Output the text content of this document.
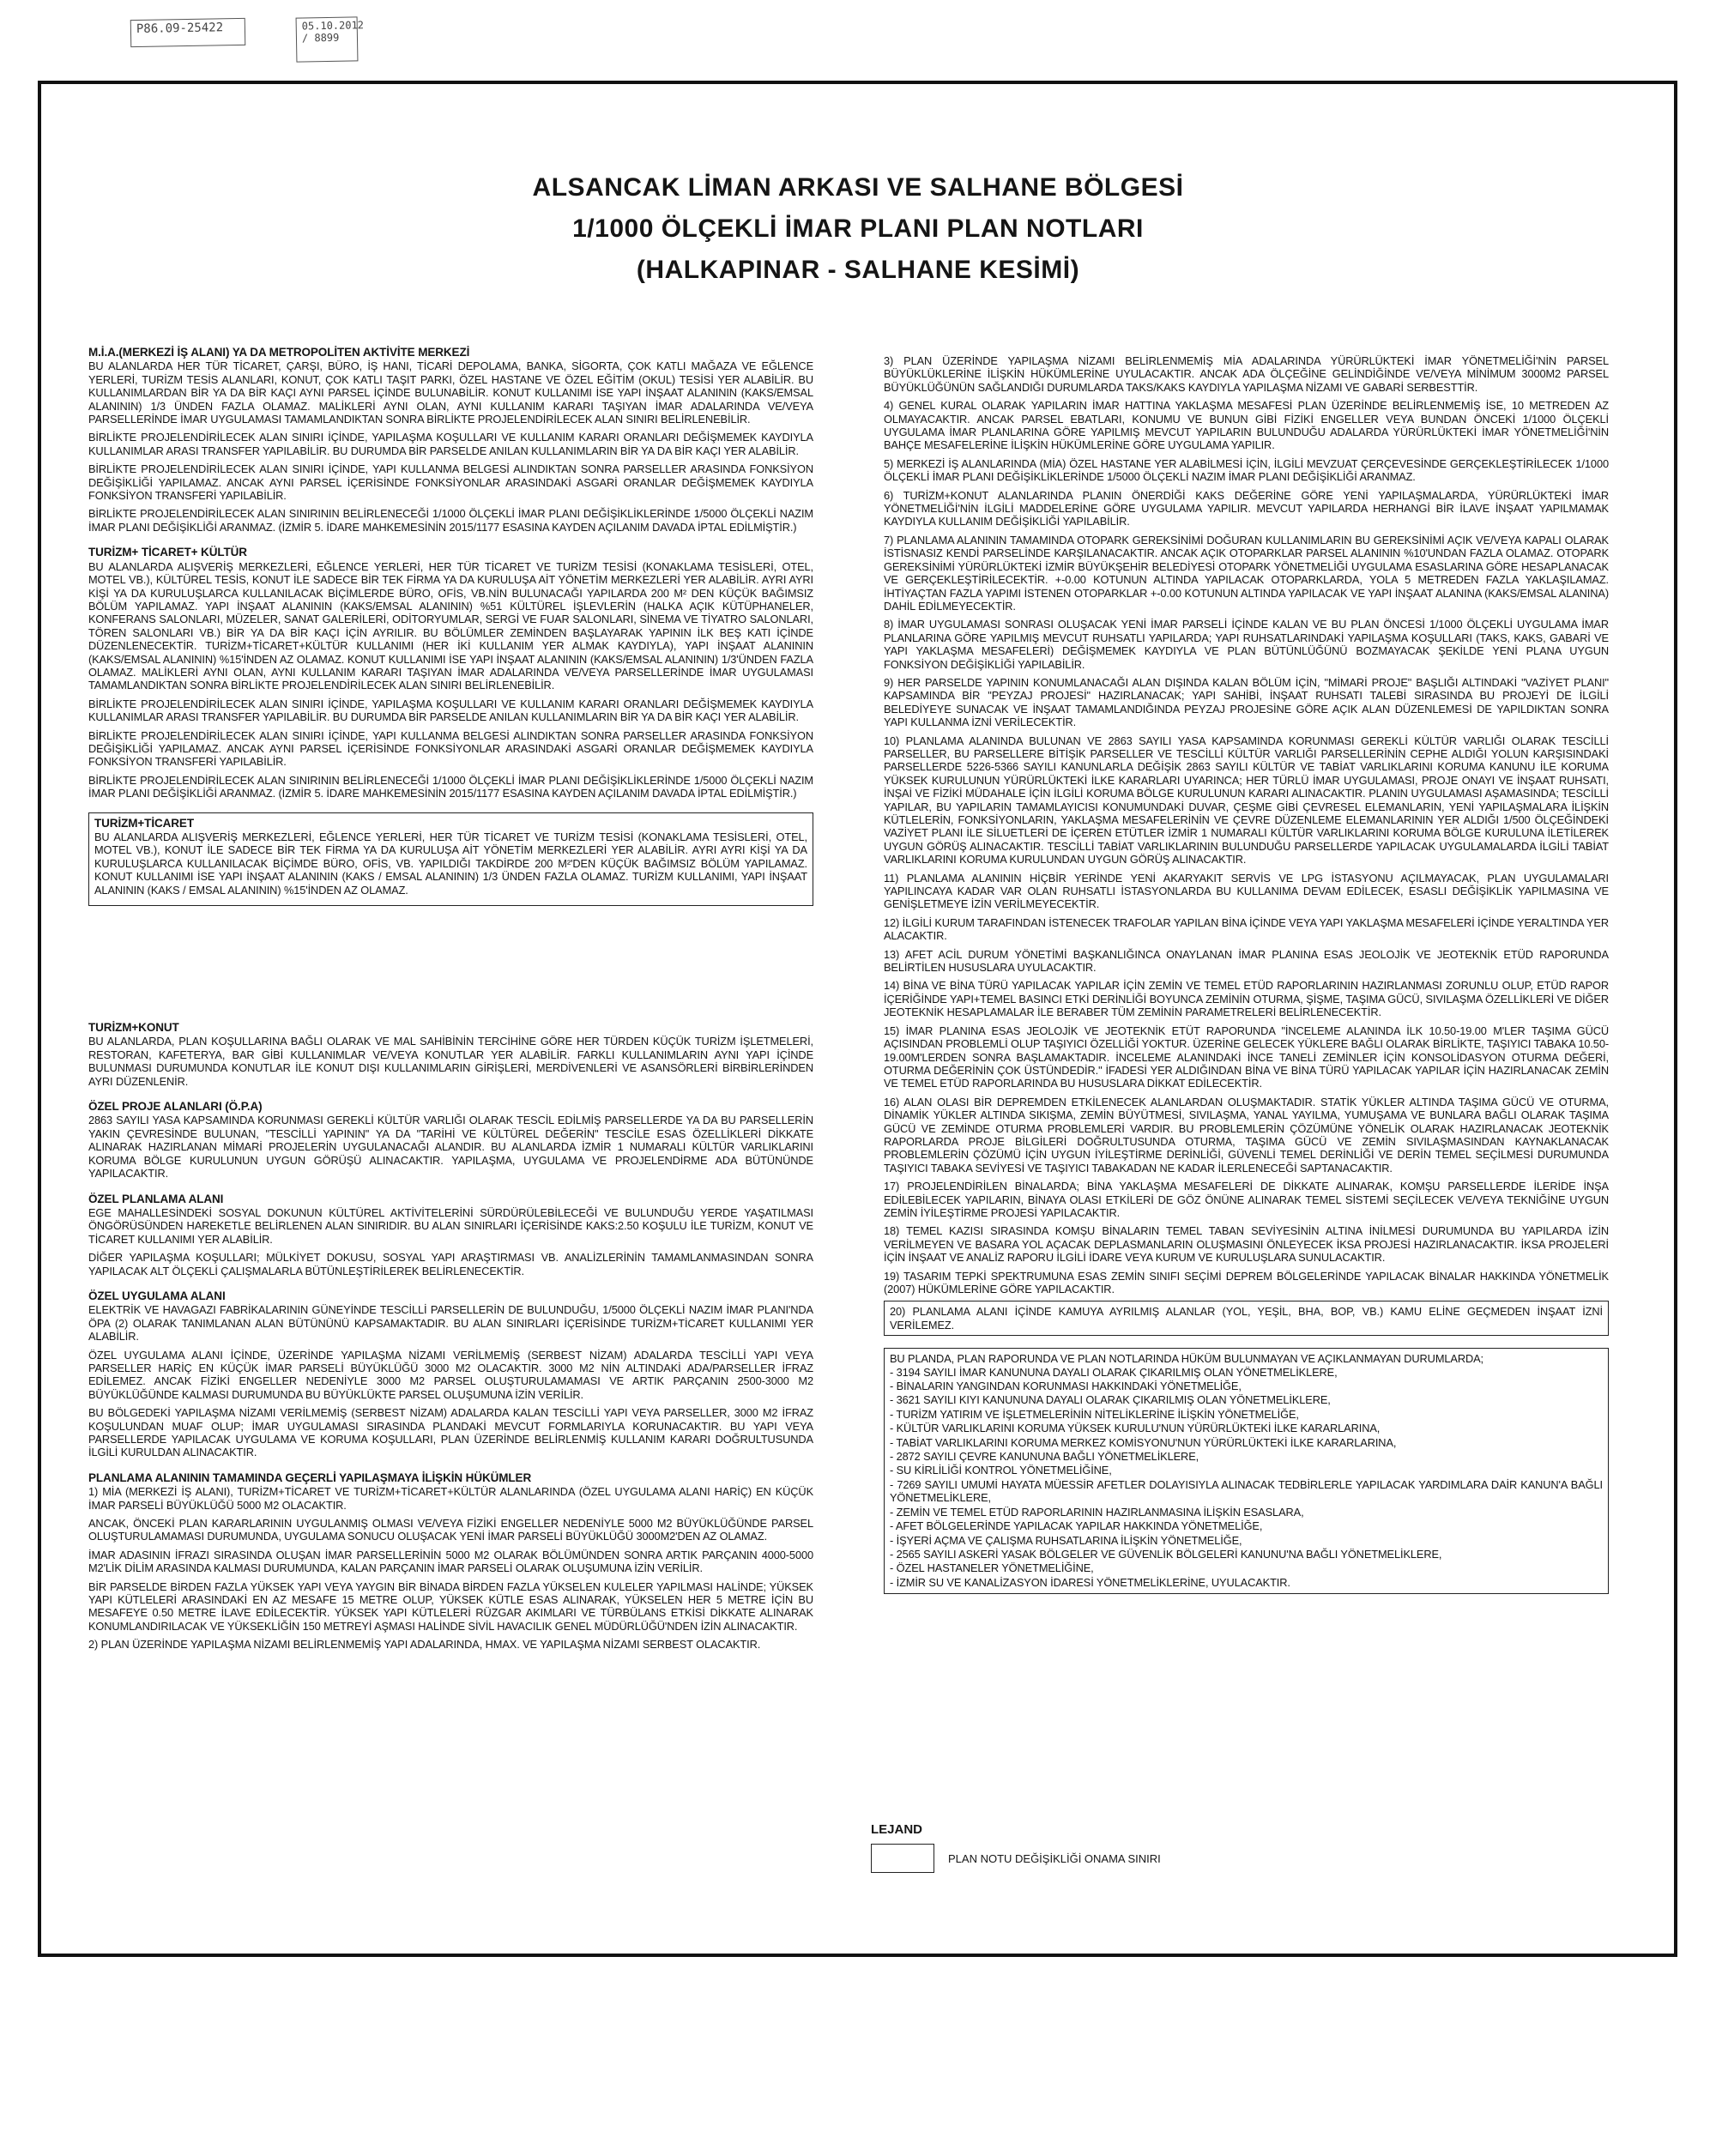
P86.09-25422	05.10.2012 / 8899
ALSANCAK LİMAN ARKASI VE SALHANE BÖLGESİ
1/1000 ÖLÇEKLİ İMAR PLANI PLAN NOTLARI
(HALKAPINAR - SALHANE KESİMİ)
M.İ.A.(MERKEZİ İŞ ALANI) YA DA METROPOLİTEN AKTİVİTE MERKEZİ

BU ALANLARDA HER TÜR TİCARET, ÇARŞI, BÜRO, İŞ HANI, TİCARİ DEPOLAMA, BANKA, SİGORTA, ÇOK KATLI MAĞAZA VE EĞLENCE YERLERİ, TURİZM TESİS ALANLARI, KONUT, ÇOK KATLI TAŞIT PARKI, ÖZEL HASTANE VE ÖZEL EĞİTİM (OKUL) TESİSİ YER ALABİLİR. BU KULLANIMLARDAN BİR YA DA BİR KAÇI AYNI PARSEL İÇİNDE BULUNABİLİR. KONUT KULLANIMI İSE YAPI İNŞAAT ALANININ (KAKS/EMSAL ALANININ) 1/3 ÜNDEN FAZLA OLAMAZ. MALİKLERİ AYNI OLAN, AYNI KULLANIM KARARI TAŞIYAN İMAR ADALARINDA VE/VEYA PARSELLERİNDE İMAR UYGULAMASI TAMAMLANDIKTAN SONRA BİRLİKTE PROJELENDİRİLECEK ALAN SINIRI BELİRLENEBİLİR.

BİRLİKTE PROJELENDİRİLECEK ALAN SINIRI İÇİNDE, YAPILAŞMA KOŞULLARI VE KULLANIM KARARI ORANLARI DEĞİŞMEMEK KAYDIYLA KULLANIMLAR ARASI TRANSFER YAPILABİLİR. BU DURUMDA BİR PARSELDE ANILAN KULLANIMLARIN BİR YA DA BİR KAÇI YER ALABİLİR.

BİRLİKTE PROJELENDİRİLECEK ALAN SINIRI İÇİNDE, YAPI KULLANMA BELGESİ ALINDIKTAN SONRA PARSELLER ARASINDA FONKSİYON DEĞİŞİKLİĞİ YAPILAMAZ. ANCAK AYNI PARSEL İÇERİSİNDE FONKSİYONLAR ARASINDAKİ ASGARİ ORANLAR DEĞİŞMEMEK KAYDIYLA FONKSİYON TRANSFERİ YAPILABİLİR.

BİRLİKTE PROJELENDİRİLECEK ALAN SINIRININ BELİRLENECEĞİ 1/1000 ÖLÇEKLİ İMAR PLANI DEĞİŞİKLİKLERİNDE 1/5000 ÖLÇEKLİ NAZIM İMAR PLANI DEĞİŞİKLİĞİ ARANMAZ. (İZMİR 5. İDARE MAHKEMESİNİN 2015/1177 ESASINA KAYDEN AÇILANIM DAVADA İPTAL EDİLMİŞTİR.)

TURİZM+ TİCARET+ KÜLTÜR

BU ALANLARDA ALIŞVERİŞ MERKEZLERİ, EĞLENCE YERLERİ, HER TÜR TİCARET VE TURİZM TESİSİ (KONAKLAMA TESİSLERİ, OTEL, MOTEL VB.), KÜLTÜREL TESİS, KONUT İLE SADECE BİR TEK FİRMA YA DA KURULUŞA AİT YÖNETİM MERKEZLERİ YER ALABİLİR. AYRI AYRI KİŞİ YA DA KURULUŞLARCA KULLANILACAK BİÇİMLERDE BÜRO, OFİS, VB.NİN BULUNACAĞI YAPILARDA 200 M² DEN KÜÇÜK BAĞIMSIZ BÖLÜM YAPILAMAZ. YAPI İNŞAAT ALANININ (KAKS/EMSAL ALANININ) %51 KÜLTÜREL İŞLEVLERİN (HALKA AÇIK KÜTÜPHANELER, KONFERANS SALONLARI, MÜZELER, SANAT GALERİLERİ, ODİTORYUMLAR, SERGİ VE FUAR SALONLARI, SİNEMA VE TİYATRO SALONLARI, TÖREN SALONLARI VB.) BİR YA DA BİR KAÇI İÇİN AYRILIR. BU BÖLÜMLER ZEMİNDEN BAŞLAYARAK YAPININ İLK BEŞ KATI İÇİNDE DÜZENLENECEKTİR. TURİZM+TİCARET+KÜLTÜR KULLANIMI (HER İKİ KULLANIM YER ALMAK KAYDIYLA), YAPI İNŞAAT ALANININ (KAKS/EMSAL ALANININ) %15'İNDEN AZ OLAMAZ. KONUT KULLANIMI İSE YAPI İNŞAAT ALANININ (KAKS/EMSAL ALANININ) 1/3'ÜNDEN FAZLA OLAMAZ. MALİKLERİ AYNI OLAN, AYNI KULLANIM KARARI TAŞIYAN İMAR ADALARINDA VE/VEYA PARSELLERİNDE İMAR UYGULAMASI TAMAMLANDIKTAN SONRA BİRLİKTE PROJELENDİRİLECEK ALAN SINIRI BELİRLENEBİLİR.

BİRLİKTE PROJELENDİRİLECEK ALAN SINIRI İÇİNDE, YAPILAŞMA KOŞULLARI VE KULLANIM KARARI ORANLARI DEĞİŞMEMEK KAYDIYLA KULLANIMLAR ARASI TRANSFER YAPILABİLİR. BU DURUMDA BİR PARSELDE ANILAN KULLANIMLARIN BİR YA DA BİR KAÇI YER ALABİLİR.

BİRLİKTE PROJELENDİRİLECEK ALAN SINIRI İÇİNDE, YAPI KULLANMA BELGESİ ALINDIKTAN SONRA PARSELLER ARASINDA FONKSİYON DEĞİŞİKLİĞİ YAPILAMAZ. ANCAK AYNI PARSEL İÇERİSİNDE FONKSİYONLAR ARASINDAKİ ASGARİ ORANLAR DEĞİŞMEMEK KAYDIYLA FONKSİYON TRANSFERİ YAPILABİLİR.

BİRLİKTE PROJELENDİRİLECEK ALAN SINIRININ BELİRLENECEĞİ 1/1000 ÖLÇEKLİ İMAR PLANI DEĞİŞİKLİKLERİNDE 1/5000 ÖLÇEKLİ NAZIM İMAR PLANI DEĞİŞİKLİĞİ ARANMAZ. (İZMİR 5. İDARE MAHKEMESİNİN 2015/1177 ESASINA KAYDEN AÇILANIM DAVADA İPTAL EDİLMİŞTİR.)

TURİZM+TİCARET

BU ALANLARDA ALIŞVERİŞ MERKEZLERİ, EĞLENCE YERLERİ, HER TÜR TİCARET VE TURİZM TESİSİ (KONAKLAMA TESİSLERİ, OTEL, MOTEL VB.), KONUT İLE SADECE BİR TEK FİRMA YA DA KURULUŞA AİT YÖNETİM MERKEZLERİ YER ALABİLİR. AYRI AYRI KİŞİ YA DA KURULUŞLARCA KULLANILACAK BİÇİMDE BÜRO, OFİS, VB. YAPILDIĞI TAKDİRDE 200 M²'DEN KÜÇÜK BAĞIMSIZ BÖLÜM YAPILAMAZ. KONUT KULLANIMI İSE YAPI İNŞAAT ALANININ (KAKS / EMSAL ALANININ) 1/3 ÜNDEN FAZLA OLAMAZ. TURİZM KULLANIMI, YAPI İNŞAAT ALANININ (KAKS / EMSAL ALANININ) %15'İNDEN AZ OLAMAZ.

TURİZM+KONUT

BU ALANLARDA, PLAN KOŞULLARINA BAĞLI OLARAK VE MAL SAHİBİNİN TERCİHİNE GÖRE HER TÜRDEN KÜÇÜK TURİZM İŞLETMELERİ, RESTORAN, KAFETERYA, BAR GİBİ KULLANIMLAR VE/VEYA KONUTLAR YER ALABİLİR. FARKLI KULLANIMLARIN AYNI YAPI İÇİNDE BULUNMASI DURUMUNDA KONUTLAR İLE KONUT DIŞI KULLANIMLARIN GİRİŞLERİ, MERDİVENLERİ VE ASANSÖRLERİ BİRBİRLERİNDEN AYRI DÜZENLENİR.

ÖZEL PROJE ALANLARI (Ö.P.A)

2863 SAYILI YASA KAPSAMINDA KORUNMASI GEREKLİ KÜLTÜR VARLIĞI OLARAK TESCİL EDİLMİŞ PARSELLERDE YA DA BU PARSELLERİN YAKIN ÇEVRESİNDE BULUNAN, "TESCİLLİ YAPININ" YA DA "TARİHİ VE KÜLTÜREL DEĞERİN" TESCİLE ESAS ÖZELLİKLERİ DİKKATE ALINARAK HAZIRLANAN MİMARİ PROJELERİN UYGULANACAĞI ALANDIR. BU ALANLARDA İZMİR 1 NUMARALI KÜLTÜR VARLIKLARINI KORUMA BÖLGE KURULUNUN UYGUN GÖRÜŞÜ ALINACAKTIR. YAPILAŞMA, UYGULAMA VE PROJELENDİRME ADA BÜTÜNÜNDE YAPILACAKTIR.

ÖZEL PLANLAMA ALANI

EGE MAHALLESİNDEKİ SOSYAL DOKUNUN KÜLTÜREL AKTİVİTELERİNİ SÜRDÜRÜLEBİLECEĞİ VE BULUNDUĞU YERDE YAŞATILMASI ÖNGÖRÜSÜNDEN HAREKETLE BELİRLENEN ALAN SINIRIDIR. BU ALAN SINIRLARI İÇERİSİNDE KAKS:2.50 KOŞULU İLE TURİZM, KONUT VE TİCARET KULLANIMI YER ALABİLİR.

DİĞER YAPILAŞMA KOŞULLARI; MÜLKİYET DOKUSU, SOSYAL YAPI ARAŞTIRMASI VB. ANALİZLERİNİN TAMAMLANMASINDAN SONRA YAPILACAK ALT ÖLÇEKLİ ÇALIŞMALARLA BÜTÜNLEŞTİRİLEREK BELİRLENECEKTİR.

ÖZEL UYGULAMA ALANI

ELEKTRİK VE HAVAGAZI FABRİKALARININ GÜNEYİNDE TESCİLLİ PARSELLERİN DE BULUNDUĞU, 1/5000 ÖLÇEKLİ NAZIM İMAR PLANI'NDA ÖPA (2) OLARAK TANIMLANAN ALAN BÜTÜNÜNÜ KAPSAMAKTADIR. BU ALAN SINIRLARI İÇERİSİNDE TURİZM+TİCARET KULLANIMI YER ALABİLİR.

ÖZEL UYGULAMA ALANI İÇİNDE, ÜZERİNDE YAPILAŞMA NİZAMI VERİLMEMİŞ (SERBEST NİZAM) ADALARDA TESCİLLİ YAPI VEYA PARSELLER HARİÇ EN KÜÇÜK İMAR PARSELİ BÜYÜKLÜĞÜ 3000 M2 OLACAKTIR. 3000 M2 NİN ALTINDAKİ ADA/PARSELLER İFRAZ EDİLEMEZ. ANCAK FİZİKİ ENGELLER NEDENİYLE 3000 M2 PARSEL OLUŞTURULAMAMASI VE ARTIK PARÇANIN 2500-3000 M2 BÜYÜKLÜĞÜNDE KALMASI DURUMUNDA BU BÜYÜKLÜKTE PARSEL OLUŞUMUNA İZİN VERİLİR.

BU BÖLGEDEKİ YAPILAŞMA NİZAMI VERİLMEMİŞ (SERBEST NİZAM) ADALARDA KALAN TESCİLLİ YAPI VEYA PARSELLER, 3000 M2 İFRAZ KOŞULUNDAN MUAF OLUP; İMAR UYGULAMASI SIRASINDA PLANDAKİ MEVCUT FORMLARIYLA KORUNACAKTIR. BU YAPI VEYA PARSELLERDE YAPILACAK UYGULAMA VE KORUMA KOŞULLARI, PLAN ÜZERİNDE BELİRLENMİŞ KULLANIM KARARI DOĞRULTUSUNDA İLGİLİ KURULDAN ALINACAKTIR.

PLANLAMA ALANININ TAMAMINDA GEÇERLİ YAPILAŞMAYA İLİŞKİN HÜKÜMLER

1) MİA (MERKEZİ İŞ ALANI), TURİZM+TİCARET VE TURİZM+TİCARET+KÜLTÜR ALANLARINDA (ÖZEL UYGULAMA ALANI HARİÇ) EN KÜÇÜK İMAR PARSELİ BÜYÜKLÜĞÜ 5000 M2 OLACAKTIR.

ANCAK, ÖNCEKİ PLAN KARARLARININ UYGULANMIŞ OLMASI VE/VEYA FİZİKİ ENGELLER NEDENİYLE 5000 M2 BÜYÜKLÜĞÜNDE PARSEL OLUŞTURULAMAMASI DURUMUNDA, UYGULAMA SONUCU OLUŞACAK YENİ İMAR PARSELİ BÜYÜKLÜĞÜ 3000M2'DEN AZ OLAMAZ.

İMAR ADASININ İFRAZI SIRASINDA OLUŞAN İMAR PARSELLERİNİN 5000 M2 OLARAK BÖLÜMÜNDEN SONRA ARTIK PARÇANIN 4000-5000 M2'LİK DİLİM ARASINDA KALMASI DURUMUNDA, KALAN PARÇANIN İMAR PARSELİ OLARAK OLUŞUMUNA İZİN VERİLİR.

BİR PARSELDE BİRDEN FAZLA YÜKSEK YAPI VEYA YAYGIN BİR BİNADA BİRDEN FAZLA YÜKSELEN KULELER YAPILMASI HALİNDE; YÜKSEK YAPI KÜTLELERİ ARASINDAKİ EN AZ MESAFE 15 METRE OLUP, YÜKSEK KÜTLE ESAS ALINARAK, YÜKSELEN HER 5 METRE İÇİN BU MESAFEYE 0.50 METRE İLAVE EDİLECEKTİR. YÜKSEK YAPI KÜTLELERİ RÜZGAR AKIMLARI VE TÜRBÜLANS ETKİSİ DİKKATE ALINARAK KONUMLANDIRILACAK VE YÜKSEKLİĞİN 150 METREYİ AŞMASI HALİNDE SİVİL HAVACILIK GENEL MÜDÜRLÜĞÜ'NDEN İZİN ALINACAKTIR.

2) PLAN ÜZERİNDE YAPILAŞMA NİZAMI BELİRLENMEMİŞ YAPI ADALARINDA, HMAX. VE YAPILAŞMA NİZAMI SERBEST OLACAKTIR.

3) PLAN ÜZERİNDE YAPILAŞMA NİZAMI BELİRLENMEMİŞ MİA ADALARINDA YÜRÜRLÜKTEKİ İMAR YÖNETMELİĞİ'NİN PARSEL BÜYÜKLÜKLERİNE İLİŞKİN HÜKÜMLERİNE UYULACAKTIR. ANCAK ADA ÖLÇEĞİNE GELİNDİĞİNDE VE/VEYA MİNİMUM 3000M2 PARSEL BÜYÜKLÜĞÜNÜN SAĞLANDIĞI DURUMLARDA TAKS/KAKS KAYDIYLA YAPILAŞMA NİZAMI VE GABARİ SERBESTTİR.

4) GENEL KURAL OLARAK YAPILARIN İMAR HATTINA YAKLAŞMA MESAFESİ PLAN ÜZERİNDE BELİRLENMEMİŞ İSE, 10 METREDEN AZ OLMAYACAKTIR. ANCAK PARSEL EBATLARI, KONUMU VE BUNUN GİBİ FİZİKİ ENGELLER VEYA BUNDAN ÖNCEKİ 1/1000 ÖLÇEKLİ UYGULAMA İMAR PLANLARINA GÖRE YAPILMIŞ MEVCUT YAPILARIN BULUNDUĞU ADALARDA YÜRÜRLÜKTEKİ İMAR YÖNETMELİĞİ'NİN BAHÇE MESAFELERİNE İLİŞKİN HÜKÜMLERİNE GÖRE UYGULAMA YAPILIR.

5) MERKEZİ İŞ ALANLARINDA (MİA) ÖZEL HASTANE YER ALABİLMESİ İÇİN, İLGİLİ MEVZUAT ÇERÇEVESİNDE GERÇEKLEŞTİRİLECEK 1/1000 ÖLÇEKLİ İMAR PLANI DEĞİŞİKLİKLERİNDE 1/5000 ÖLÇEKLİ NAZIM İMAR PLANI DEĞİŞİKLİĞİ ARANMAZ.

6) TURİZM+KONUT ALANLARINDA PLANIN ÖNERDİĞİ KAKS DEĞERİNE GÖRE YENİ YAPILAŞMALARDA, YÜRÜRLÜKTEKİ İMAR YÖNETMELİĞİ'NİN İLGİLİ MADDELERİNE GÖRE UYGULAMA YAPILIR. MEVCUT YAPILARDA HERHANGİ BİR İLAVE İNŞAAT YAPILMAMAK KAYDIYLA KULLANIM DEĞİŞİKLİĞİ YAPILABİLİR.

7) PLANLAMA ALANININ TAMAMINDA OTOPARK GEREKSİNİMİ DOĞURAN KULLANIMLARIN BU GEREKSİNİMİ AÇIK VE/VEYA KAPALI OLARAK İSTİSNASIZ KENDİ PARSELİNDE KARŞILANACAKTIR. ANCAK AÇIK OTOPARKLAR PARSEL ALANININ %10'UNDAN FAZLA OLAMAZ. OTOPARK GEREKSİNİMİ YÜRÜRLÜKTEKİ İZMİR BÜYÜKŞEHİR BELEDİYESİ OTOPARK YÖNETMELİĞİ UYGULAMA ESASLARINA GÖRE HESAPLANACAK VE GERÇEKLEŞTİRİLECEKTİR. +-0.00 KOTUNUN ALTINDA YAPILACAK OTOPARKLARDA, YOLA 5 METREDEN FAZLA YAKLAŞILAMAZ. İHTİYAÇTAN FAZLA YAPIMI İSTENEN OTOPARKLAR +-0.00 KOTUNUN ALTINDA YAPILACAK VE YAPI İNŞAAT ALANINA (KAKS/EMSAL ALANINA) DAHİL EDİLMEYECEKTİR.

8) İMAR UYGULAMASI SONRASI OLUŞACAK YENİ İMAR PARSELİ İÇİNDE KALAN VE BU PLAN ÖNCESİ 1/1000 ÖLÇEKLİ UYGULAMA İMAR PLANLARINA GÖRE YAPILMIŞ MEVCUT RUHSATLI YAPILARDA; YAPI RUHSATLARINDAKİ YAPILAŞMA KOŞULLARI (TAKS, KAKS, GABARİ VE YAPI YAKLAŞMA MESAFELERİ) DEĞİŞMEMEK KAYDIYLA VE PLAN BÜTÜNLÜĞÜNÜ BOZMAYACAK ŞEKİLDE YENİ PLANA UYGUN FONKSİYON DEĞİŞİKLİĞİ YAPILABİLİR.

9) HER PARSELDE YAPININ KONUMLANACAĞI ALAN DIŞINDA KALAN BÖLÜM İÇİN, "MİMARİ PROJE" BAŞLIĞI ALTINDAKİ "VAZİYET PLANI" KAPSAMINDA BİR "PEYZAJ PROJESİ" HAZIRLANACAK; YAPI SAHİBİ, İNŞAAT RUHSATI TALEBİ SIRASINDA BU PROJEYİ DE İLGİLİ BELEDİYEYE SUNACAK VE İNŞAAT TAMAMLANDIĞINDA PEYZAJ PROJESİNE GÖRE AÇIK ALAN DÜZENLEMESİ DE YAPILDIKTAN SONRA YAPI KULLANMA İZNİ VERİLECEKTİR.

10) PLANLAMA ALANINDA BULUNAN VE 2863 SAYILI YASA KAPSAMINDA KORUNMASI GEREKLİ KÜLTÜR VARLIĞI OLARAK TESCİLLİ PARSELLER, BU PARSELLERE BİTİŞİK PARSELLER VE TESCİLLİ KÜLTÜR VARLIĞI PARSELLERİNİN CEPHE ALDIĞI YOLUN KARŞISINDAKİ PARSELLERDE 5226-5366 SAYILI KANUNLARLA DEĞİŞİK 2863 SAYILI KÜLTÜR VE TABİAT VARLIKLARINI KORUMA KANUNU İLE KORUMA YÜKSEK KURULUNUN YÜRÜRLÜKTEKİ İLKE KARARLARI UYARINCA; HER TÜRLÜ İMAR UYGULAMASI, PROJE ONAYI VE İNŞAAT RUHSATI, İNŞAİ VE FİZİKİ MÜDAHALE İÇİN İLGİLİ KORUMA BÖLGE KURULUNUN KARARI ALINACAKTIR. PLANIN UYGULAMASI AŞAMASINDA; TESCİLLİ YAPILAR, BU YAPILARIN TAMAMLAYICISI KONUMUNDAKİ DUVAR, ÇEŞME GİBİ ÇEVRESEL ELEMANLARIN, YENİ YAPILAŞMALARA İLİŞKİN KÜTLELERİN, FONKSİYONLARIN, YAKLAŞMA MESAFELERİNİN VE ÇEVRE DÜZENLEME ELEMANLARININ YER ALDIĞI 1/500 ÖLÇEĞİNDEKİ VAZİYET PLANI İLE SİLUETLERİ DE İÇEREN ETÜTLER İZMİR 1 NUMARALI KÜLTÜR VARLIKLARINI KORUMA BÖLGE KURULUNA İLETİLEREK UYGUN GÖRÜŞ ALINACAKTIR. TESCİLLİ TABİAT VARLIKLARININ BULUNDUĞU PARSELLERDE YAPILACAK UYGULAMALARDA İLGİLİ TABİAT VARLIKLARINI KORUMA KURULUNDAN UYGUN GÖRÜŞ ALINACAKTIR.

11) PLANLAMA ALANININ HİÇBİR YERİNDE YENİ AKARYAKIT SERVİS VE LPG İSTASYONU AÇILMAYACAK, PLAN UYGULAMALARI YAPILINCAYA KADAR VAR OLAN RUHSATLI İSTASYONLARDA BU KULLANIMA DEVAM EDİLECEK, ESASLI DEĞİŞİKLİK YAPILMASINA VE GENİŞLETMEYE İZİN VERİLMEYECEKTİR.

12) İLGİLİ KURUM TARAFINDAN İSTENECEK TRAFOLAR YAPILAN BİNA İÇİNDE VEYA YAPI YAKLAŞMA MESAFELERİ İÇİNDE YERALTINDA YER ALACAKTIR.

13) AFET ACİL DURUM YÖNETİMİ BAŞKANLIĞINCA ONAYLANAN İMAR PLANINA ESAS JEOLOJİK VE JEOTEKNİK ETÜD RAPORUNDA BELİRTİLEN HUSUSLARA UYULACAKTIR.

14) BİNA VE BİNA TÜRÜ YAPILACAK YAPILAR İÇİN ZEMİN VE TEMEL ETÜD RAPORLARININ HAZIRLANMASI ZORUNLU OLUP, ETÜD RAPOR İÇERİĞİNDE YAPI+TEMEL BASINCI ETKİ DERİNLİĞİ BOYUNCA ZEMİNİN OTURMA, ŞİŞME, TAŞIMA GÜCÜ, SIVILAŞMA ÖZELLİKLERİ VE DİĞER JEOTEKNİK HESAPLAMALAR İLE BERABER TÜM ZEMİNİN PARAMETRELERİ BELİRLENECEKTİR.

15) İMAR PLANINA ESAS JEOLOJİK VE JEOTEKNİK ETÜT RAPORUNDA "İNCELEME ALANINDA İLK 10.50-19.00 M'LER TAŞIMA GÜCÜ AÇISINDAN PROBLEMLİ OLUP TAŞIYICI ÖZELLİĞİ YOKTUR. ÜZERİNE GELECEK YÜKLERE BAĞLI OLARAK BİRLİKTE, TAŞIYICI TABAKA 10.50-19.00M'LERDEN SONRA BAŞLAMAKTADIR. İNCELEME ALANINDAKİ İNCE TANELİ ZEMİNLER İÇİN KONSOLİDASYON OTURMA DEĞERİ, OTURMA DEĞERİNİN ÇOK ÜSTÜNDEDİR." İFADESİ YER ALDIĞINDAN BİNA VE BİNA TÜRÜ YAPILACAK YAPILAR İÇİN HAZIRLANACAK ZEMİN VE TEMEL ETÜD RAPORLARINDA BU HUSUSLARA DİKKAT EDİLECEKTİR.

16) ALAN OLASI BİR DEPREMDEN ETKİLENECEK ALANLARDAN OLUŞMAKTADIR. STATİK YÜKLER ALTINDA TAŞIMA GÜCÜ VE OTURMA, DİNAMİK YÜKLER ALTINDA SIKIŞMA, ZEMİN BÜYÜTMESİ, SIVILAŞMA, YANAL YAYILMA, YUMUŞAMA VE BUNLARA BAĞLI OLARAK TAŞIMA GÜCÜ VE ZEMİNDE OTURMA PROBLEMLERİ VARDIR. BU PROBLEMLERİN ÇÖZÜMÜNE YÖNELİK OLARAK HAZIRLANACAK JEOTEKNİK RAPORLARDA PROJE BİLGİLERİ DOĞRULTUSUNDA OTURMA, TAŞIMA GÜCÜ VE ZEMİN SIVILAŞMASINDAN KAYNAKLANACAK PROBLEMLERİN ÇÖZÜMÜ İÇİN UYGUN İYİLEŞTİRME DERİNLİĞİ, GÜVENLİ TEMEL DERİNLİĞİ VE DERİN TEMEL SEÇİLMESİ DURUMUNDA TAŞIYICI TABAKA SEVİYESİ VE TAŞIYICI TABAKADAN NE KADAR İLERLENECEĞİ SAPTANACAKTIR.

17) PROJELENDİRİLEN BİNALARDA; BİNA YAKLAŞMA MESAFELERİ DE DİKKATE ALINARAK, KOMŞU PARSELLERDE İLERİDE İNŞA EDİLEBİLECEK YAPILARIN, BİNAYA OLASI ETKİLERİ DE GÖZ ÖNÜNE ALINARAK TEMEL SİSTEMİ SEÇİLECEK VE/VEYA TEKNİĞİNE UYGUN ZEMİN İYİLEŞTİRME PROJESİ YAPILACAKTIR.

18) TEMEL KAZISI SIRASINDA KOMŞU BİNALARIN TEMEL TABAN SEVİYESİNİN ALTINA İNİLMESİ DURUMUNDA BU YAPILARDA İZİN VERİLMEYEN VE BASARA YOL AÇACAK DEPLASMANLARIN OLUŞMASINI ÖNLEYECEK İKSA PROJESİ HAZIRLANACAKTIR. İKSA PROJELERİ İÇİN İNŞAAT VE ANALİZ RAPORU İLGİLİ İDARE VEYA KURUM VE KURULUŞLARA SUNULACAKTIR.

19) TASARIM TEPKİ SPEKTRUMUNA ESAS ZEMİN SINIFI SEÇİMİ DEPREM BÖLGELERİNDE YAPILACAK BİNALAR HAKKINDA YÖNETMELİK (2007) HÜKÜMLERİNE GÖRE YAPILACAKTIR.

20) PLANLAMA ALANI İÇİNDE KAMUYA AYRILMIŞ ALANLAR (YOL, YEŞİL, BHA, BOP, VB.) KAMU ELİNE GEÇMEDEN İNŞAAT İZNİ VERİLEMEZ.
BU PLANDA, PLAN RAPORUNDA VE PLAN NOTLARINDA HÜKÜM BULUNMAYAN VE AÇIKLANMAYAN DURUMLARDA;
- 3194 SAYILI İMAR KANUNUNA DAYALI OLARAK ÇIKARILMIŞ OLAN YÖNETMELİKLERE,
- BİNALARIN YANGINDAN KORUNMASI HAKKINDAKİ YÖNETMELİĞE,
- 3621 SAYILI KIYI KANUNUNA DAYALI OLARAK ÇIKARILMIŞ OLAN YÖNETMELİKLERE,
- TURİZM YATIRIM VE İŞLETMELERİNİN NİTELİKLERİNE İLİŞKİN YÖNETMELİĞE,
- KÜLTÜR VARLIKLARINI KORUMA YÜKSEK KURULU'NUN YÜRÜRLÜKTEKİ İLKE KARARLARINA,
- TABİAT VARLIKLARINI KORUMA MERKEZ KOMİSYONU'NUN YÜRÜRLÜKTEKİ İLKE KARARLARINA,
- 2872 SAYILI ÇEVRE KANUNUNA BAĞLI YÖNETMELİKLERE,
- SU KİRLİLİĞİ KONTROL YÖNETMELİĞİNE,
- 7269 SAYILI UMUMİ HAYATA MÜESSİR AFETLER DOLAYISIYLA ALINACAK TEDBİRLERLE YAPILACAK YARDIMLARA DAİR KANUN'A BAĞLI YÖNETMELİKLERE,
- ZEMİN VE TEMEL ETÜD RAPORLARININ HAZIRLANMASINA İLİŞKİN ESASLARA,
- AFET BÖLGELERİNDE YAPILACAK YAPILAR HAKKINDA YÖNETMELİĞE,
- İŞYERİ AÇMA VE ÇALIŞMA RUHSATLARINA İLİŞKİN YÖNETMELİĞE,
- 2565 SAYILI ASKERİ YASAK BÖLGELER VE GÜVENLİK BÖLGELERİ KANUNU'NA BAĞLI YÖNETMELİKLERE,
- ÖZEL HASTANELER YÖNETMELİĞİNE,
- İZMİR SU VE KANALİZASYON İDARESİ YÖNETMELİKLERİNE, UYULACAKTIR.
LEJAND
PLAN NOTU DEĞİŞİKLİĞİ ONAMA SINIRI
